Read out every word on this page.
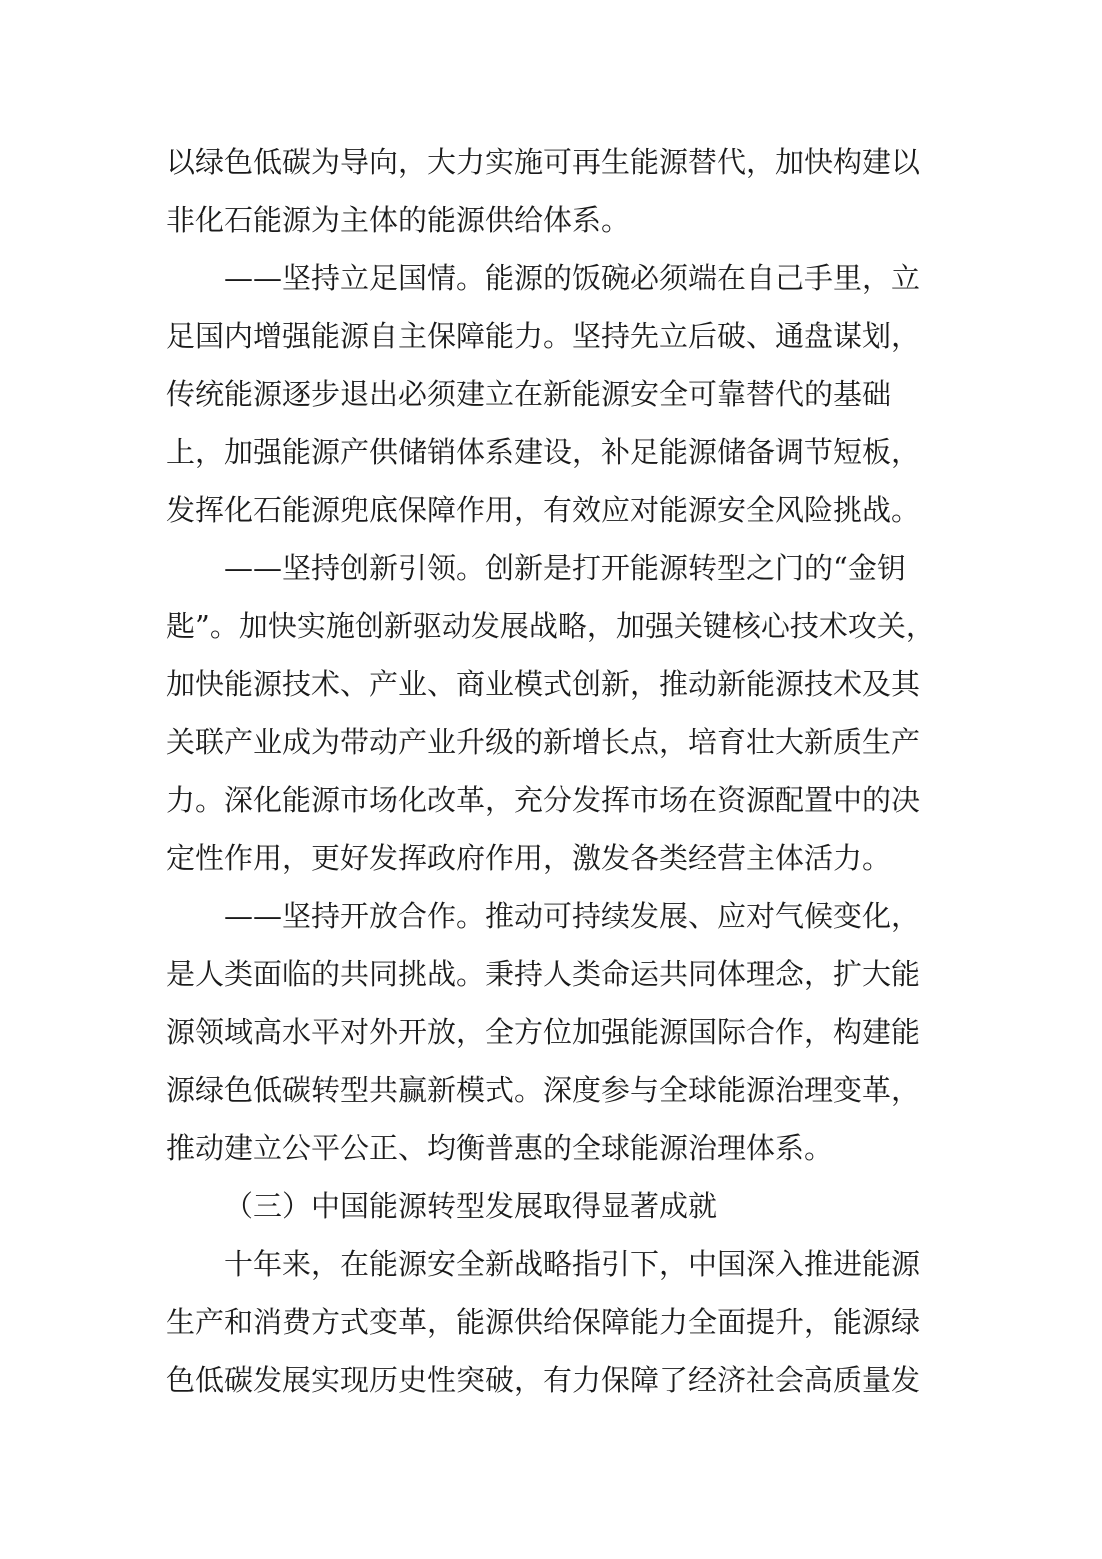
以绿色低碳为导向，大力实施可再生能源替代，加快构建以
非化石能源为主体的能源供给体系。
——坚持立足国情。能源的饭碗必须端在自己手里，立
足国内增强能源自主保障能力。坚持先立后破、通盘谋划，
传统能源逐步退出必须建立在新能源安全可靠替代的基础
上，加强能源产供储销体系建设，补足能源储备调节短板，
发挥化石能源兜底保障作用，有效应对能源安全风险挑战。
——坚持创新引领。创新是打开能源转型之门的“金钥
匙”。加快实施创新驱动发展战略，加强关键核心技术攻关，
加快能源技术、产业、商业模式创新，推动新能源技术及其
关联产业成为带动产业升级的新增长点，培育壮大新质生产
力。深化能源市场化改革，充分发挥市场在资源配置中的决
定性作用，更好发挥政府作用，激发各类经营主体活力。
——坚持开放合作。推动可持续发展、应对气候变化，
是人类面临的共同挑战。秉持人类命运共同体理念，扩大能
源领域高水平对外开放，全方位加强能源国际合作，构建能
源绿色低碳转型共赢新模式。深度参与全球能源治理变革，
推动建立公平公正、均衡普惠的全球能源治理体系。
（三）中国能源转型发展取得显著成就
十年来，在能源安全新战略指引下，中国深入推进能源
生产和消费方式变革，能源供给保障能力全面提升，能源绿
色低碳发展实现历史性突破，有力保障了经济社会高质量发
